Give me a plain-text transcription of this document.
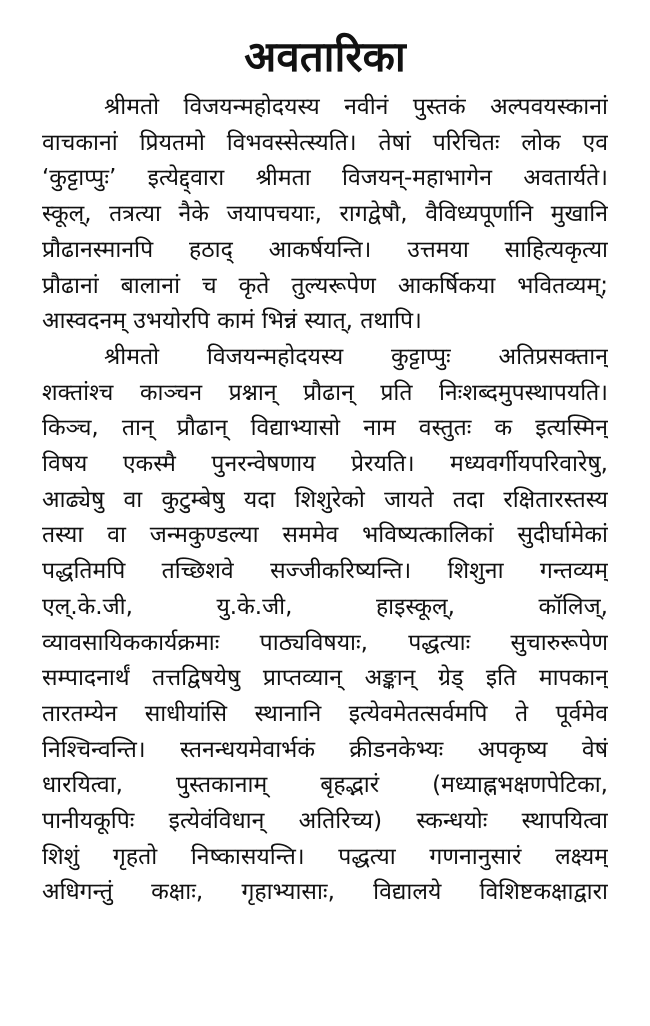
अवतारिका
श्रीमतो विजयन्महोदयस्य नवीनं पुस्तकं अल्पवयस्कानां
वाचकानां प्रियतमो विभवस्सेत्स्यति। तेषां परिचितः लोक एव
‘कुट्टाप्पुः’ इत्येद्द्वारा श्रीमता विजयन्-महाभागेन अवतार्यते।
स्कूल्, तत्रत्या नैके जयापचयाः, रागद्वेषौ, वैविध्यपूर्णानि मुखानि
प्रौढानस्मानपि हठाद् आकर्षयन्ति। उत्तमया साहित्यकृत्या
प्रौढानां बालानां च कृते तुल्यरूपेण आकर्षिकया भवितव्यम्;
आस्वदनम् उभयोरपि कामं भिन्नं स्यात्, तथापि।
श्रीमतो विजयन्महोदयस्य कुट्टाप्पुः अतिप्रसक्तान्
शक्तांश्च काञ्चन प्रश्नान् प्रौढान् प्रति निःशब्दमुपस्थापयति।
किञ्च, तान् प्रौढान् विद्याभ्यासो नाम वस्तुतः क इत्यस्मिन्
विषय एकस्मै पुनरन्वेषणाय प्रेरयति। मध्यवर्गीयपरिवारेषु,
आढ्येषु वा कुटुम्बेषु यदा शिशुरेको जायते तदा रक्षितारस्तस्य
तस्या वा जन्मकुण्डल्या सममेव भविष्यत्कालिकां सुदीर्घामेकां
पद्धतिमपि तच्छिशवे सज्जीकरिष्यन्ति। शिशुना गन्तव्यम्
एल्.के.जी, यु.के.जी, हाइस्कूल्, कॉलिज्,
व्यावसायिककार्यक्रमाः पाठ्यविषयाः, पद्धत्याः सुचारुरूपेण
सम्पादनार्थं तत्तद्विषयेषु प्राप्तव्यान् अङ्कान् ग्रेड् इति मापकान्
तारतम्येन साधीयांसि स्थानानि इत्येवमेतत्सर्वमपि ते पूर्वमेव
निश्चिन्वन्ति। स्तनन्धयमेवार्भकं क्रीडनकेभ्यः अपकृष्य वेषं
धारयित्वा, पुस्तकानाम् बृहद्भारं (मध्याह्नभक्षणपेटिका,
पानीयकूपिः इत्येवंविधान् अतिरिच्य) स्कन्धयोः स्थापयित्वा
शिशुं गृहतो निष्कासयन्ति। पद्धत्या गणनानुसारं लक्ष्यम्
अधिगन्तुं कक्षाः, गृहाभ्यासाः, विद्यालये विशिष्टकक्षाद्वारा
